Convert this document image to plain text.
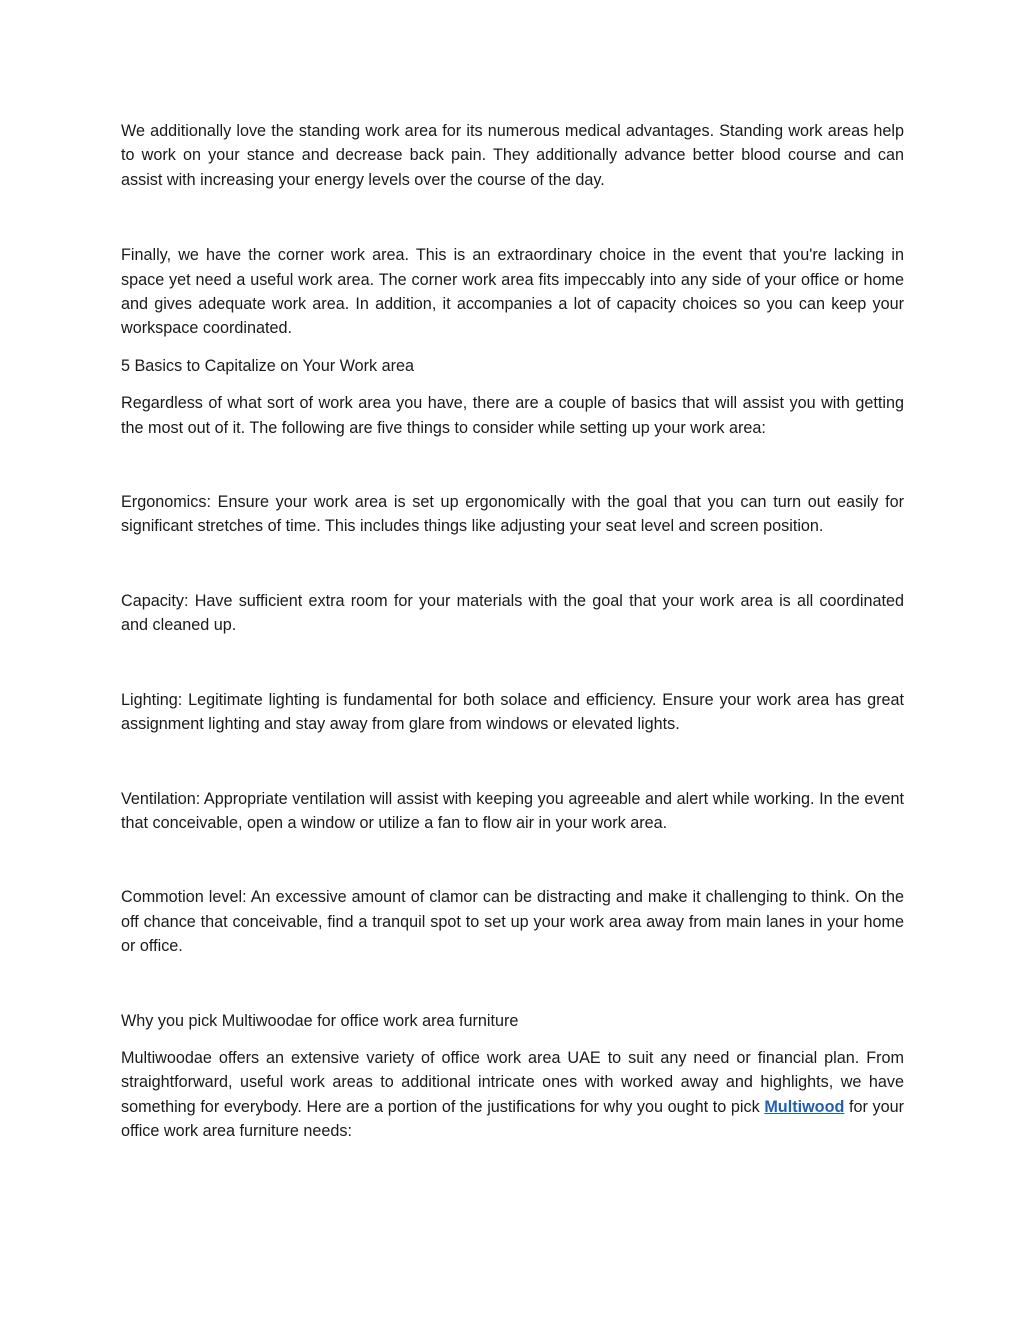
We additionally love the standing work area for its numerous medical advantages. Standing work areas help to work on your stance and decrease back pain. They additionally advance better blood course and can assist with increasing your energy levels over the course of the day.

Finally, we have the corner work area. This is an extraordinary choice in the event that you're lacking in space yet need a useful work area. The corner work area fits impeccably into any side of your office or home and gives adequate work area. In addition, it accompanies a lot of capacity choices so you can keep your workspace coordinated.

5 Basics to Capitalize on Your Work area

Regardless of what sort of work area you have, there are a couple of basics that will assist you with getting the most out of it. The following are five things to consider while setting up your work area:

Ergonomics: Ensure your work area is set up ergonomically with the goal that you can turn out easily for significant stretches of time. This includes things like adjusting your seat level and screen position.

Capacity: Have sufficient extra room for your materials with the goal that your work area is all coordinated and cleaned up.

Lighting: Legitimate lighting is fundamental for both solace and efficiency. Ensure your work area has great assignment lighting and stay away from glare from windows or elevated lights.

Ventilation: Appropriate ventilation will assist with keeping you agreeable and alert while working. In the event that conceivable, open a window or utilize a fan to flow air in your work area.

Commotion level: An excessive amount of clamor can be distracting and make it challenging to think. On the off chance that conceivable, find a tranquil spot to set up your work area away from main lanes in your home or office.

Why you pick Multiwoodae for office work area furniture

Multiwoodae offers an extensive variety of office work area UAE to suit any need or financial plan. From straightforward, useful work areas to additional intricate ones with worked away and highlights, we have something for everybody. Here are a portion of the justifications for why you ought to pick Multiwood for your office work area furniture needs:
